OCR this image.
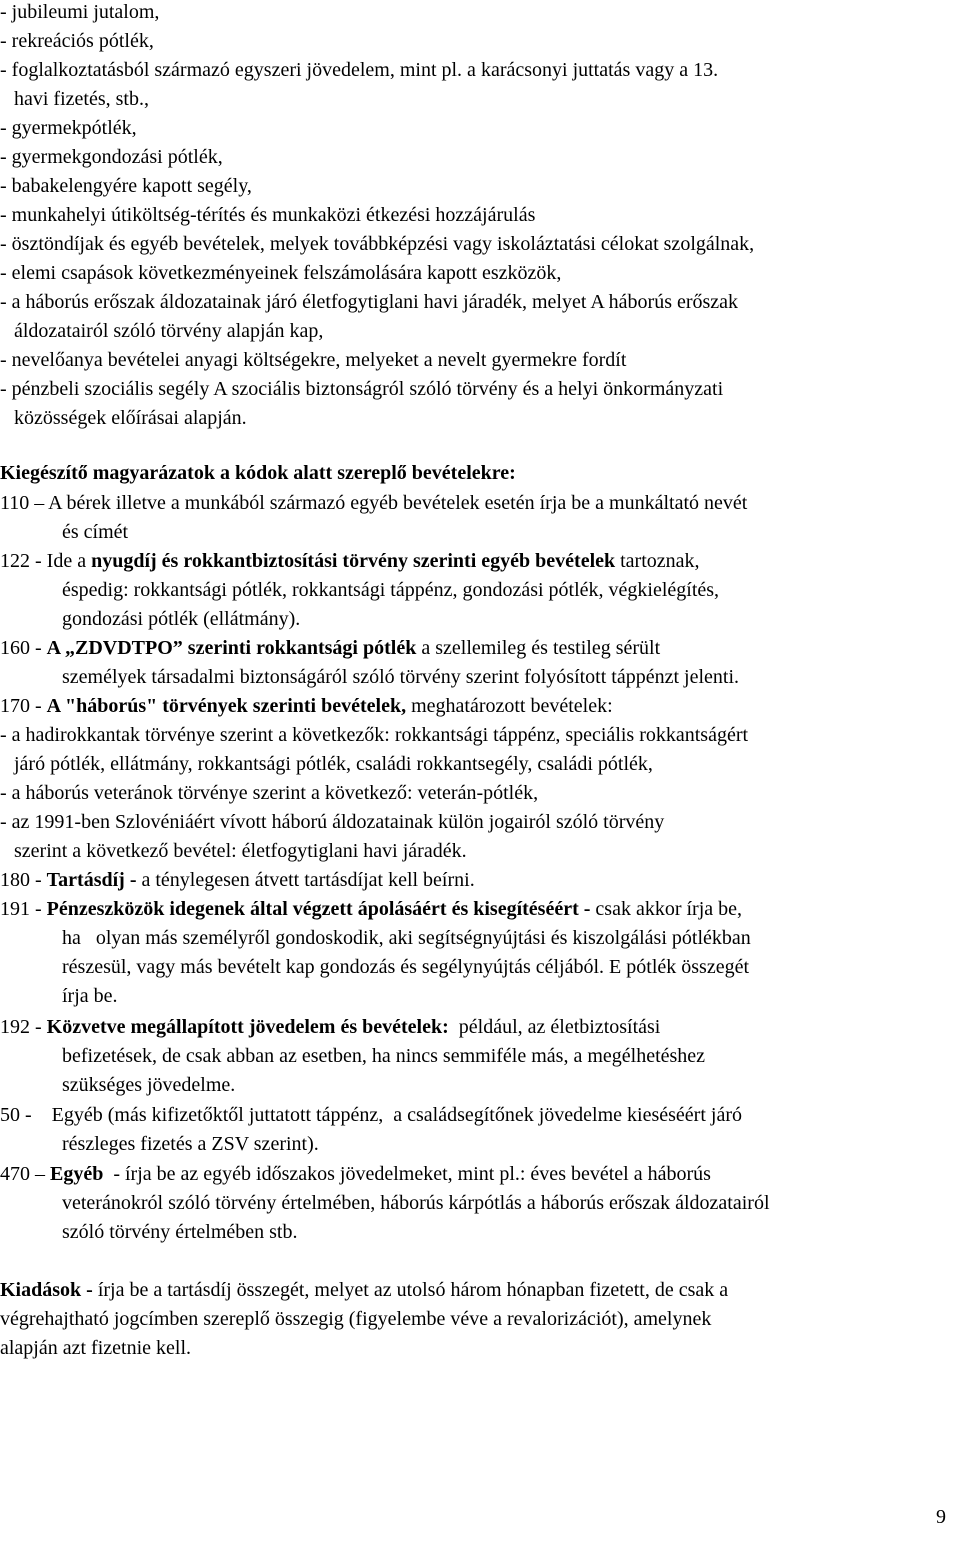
- jubileumi jutalom,
- rekreációs pótlék,
- foglalkoztatásból származó egyszeri jövedelem, mint pl. a karácsonyi juttatás vagy a 13.
havi fizetés, stb.,
- gyermekpótlék,
- gyermekgondozási pótlék,
- babakelengyére kapott segély,
- munkahelyi útiköltség-térítés és munkaközi étkezési hozzájárulás
- ösztöndíjak és egyéb bevételek, melyek továbbképzési vagy iskoláztatási célokat szolgálnak,
- elemi csapások következményeinek felszámolására kapott eszközök,
- a háborús erőszak áldozatainak járó életfogytiglani havi járadék, melyet A háborús erőszak
áldozatairól szóló törvény alapján kap,
- nevelőanya bevételei anyagi költségekre, melyeket a nevelt gyermekre fordít
- pénzbeli szociális segély A szociális biztonságról szóló törvény és a helyi önkormányzati
közösségek előírásai alapján.
Kiegészítő magyarázatok a kódok alatt szereplő bevételekre:
110 – A bérek illetve a munkából származó egyéb bevételek esetén írja be a munkáltató nevét
és címét
122 - Ide a nyugdíj és rokkantbiztosítási törvény szerinti egyéb bevételek tartoznak,
éspedig: rokkantsági pótlék, rokkantsági táppénz, gondozási pótlék, végkielégítés,
gondozási pótlék (ellátmány).
160 - A „ZDVDTPO” szerinti rokkantsági pótlék a szellemileg és testileg sérült
személyek társadalmi biztonságáról szóló törvény szerint folyósított táppénzt jelenti.
170 - A "háborús" törvények szerinti bevételek, meghatározott bevételek:
- a hadirokkantak törvénye szerint a következők: rokkantsági táppénz, speciális rokkantságért
járó pótlék, ellátmány, rokkantsági pótlék, családi rokkantsegély, családi pótlék,
- a háborús veteránok törvénye szerint a következő: veterán-pótlék,
- az 1991-ben Szlovéniáért vívott háború áldozatainak külön jogairól szóló törvény
szerint a következő bevétel: életfogytiglani havi járadék.
180 - Tartásdíj - a ténylegesen átvett tartásdíjat kell beírni.
191 - Pénzeszközök idegenek által végzett ápolásáért és kisegítéséért - csak akkor írja be,
ha   olyan más személyről gondoskodik, aki segítségnyújtási és kiszolgálási pótlékban
részesül, vagy más bevételt kap gondozás és segélynyújtás céljából. E pótlék összegét
írja be.
192 - Közvetve megállapított jövedelem és bevételek:  például, az életbiztosítási
befizetések, de csak abban az esetben, ha nincs semmiféle más, a megélhetéshez
szükséges jövedelme.
50 -    Egyéb (más kifizetőktől juttatott táppénz,  a családsegítőnek jövedelme kieséséért járó
részleges fizetés a ZSV szerint).
470 – Egyéb  - írja be az egyéb időszakos jövedelmeket, mint pl.: éves bevétel a háborús
veteránokról szóló törvény értelmében, háborús kárpótlás a háborús erőszak áldozatairól
szóló törvény értelmében stb.
Kiadások - írja be a tartásdíj összegét, melyet az utolsó három hónapban fizetett, de csak a
végrehajtható jogcímben szereplő összegig (figyelembe véve a revalorizációt), amelynek
alapján azt fizetnie kell.
9
